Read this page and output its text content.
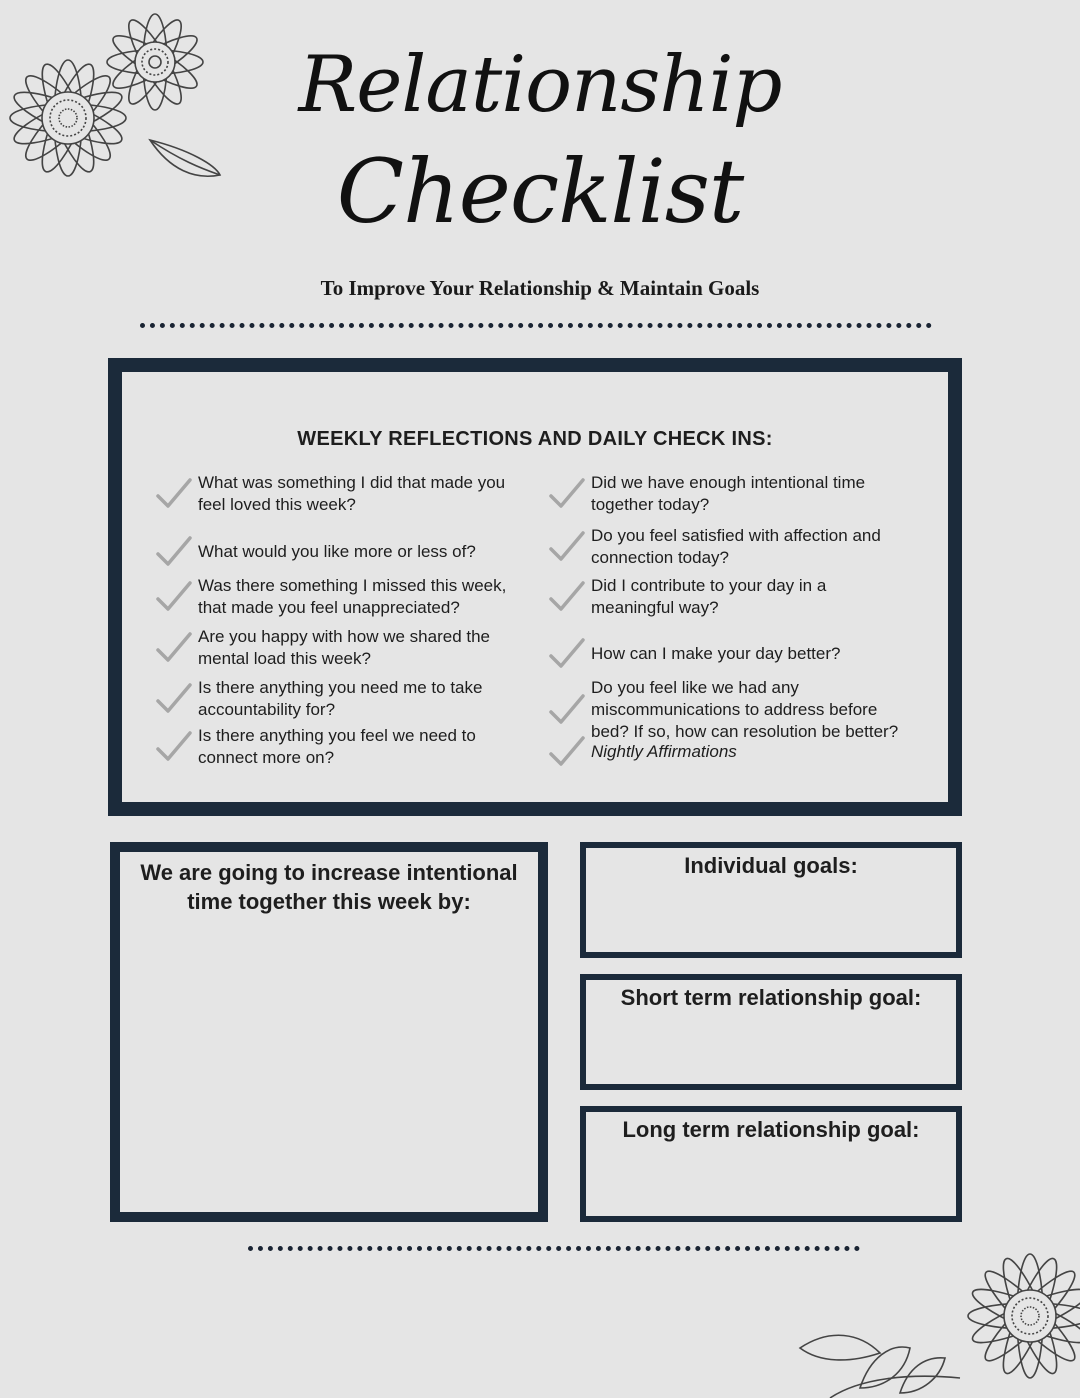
Relationship
Checklist
To Improve Your Relationship & Maintain Goals
WEEKLY REFLECTIONS AND DAILY CHECK INS:
What was something I did that made you feel loved this week?
What would you like more or less of?
Was there something I missed this week, that made you feel unappreciated?
Are you happy with how we shared the mental load this week?
Is there anything you need me to take accountability for?
Is there anything you feel we need to connect more on?
Did we have enough intentional time together today?
Do you feel satisfied with affection and connection today?
Did I contribute to your day in a meaningful way?
How can I make your day better?
Do you feel like we had any miscommunications to address before bed? If so, how can resolution be better?
Nightly Affirmations
We are going to increase intentional time together this week by:
Individual goals:
Short term relationship goal:
Long term relationship goal:
